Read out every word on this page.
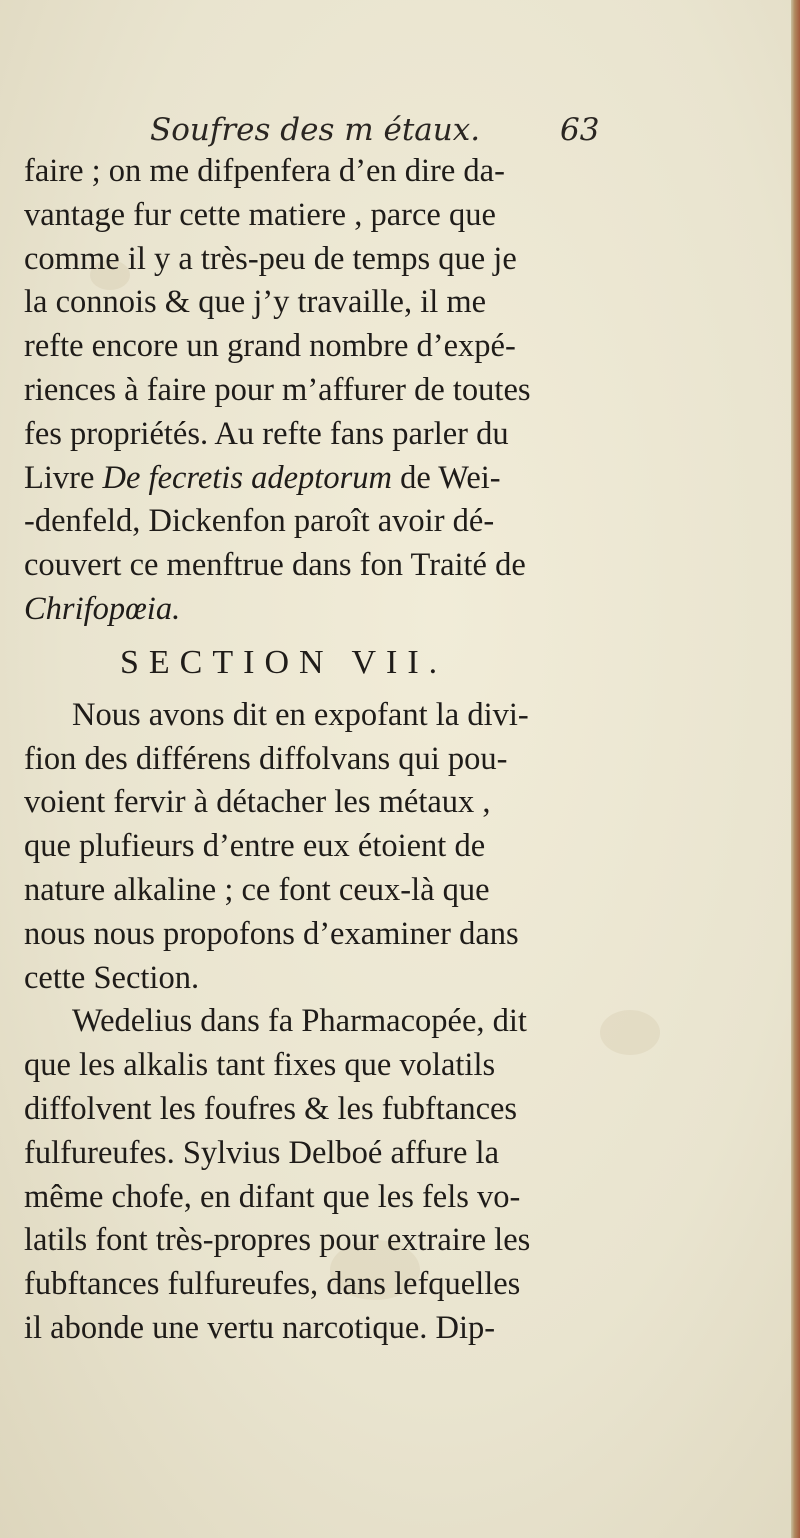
Soufres des m étaux.	63
faire ; on me difpenfera d’en dire da-
vantage fur cette matiere , parce que
comme il y a très-peu de temps que je
la connois & que j’y travaille, il me
refte encore un grand nombre d’expé-
riences à faire pour m’affurer de toutes
fes propriétés. Au refte fans parler du
Livre De fecretis adeptorum de Wei-
-denfeld, Dickenfon paroît avoir dé-
couvert ce menftrue dans fon Traité de
Chrifopœia.
SECTION VII.
Nous avons dit en expofant la divi-
fion des différens diffolvans qui pou-
voient fervir à détacher les métaux ,
que plufieurs d’entre eux étoient de
nature alkaline ; ce font ceux-là que
nous nous propofons d’examiner dans
cette Section.
Wedelius dans fa Pharmacopée, dit
que les alkalis tant fixes que volatils
diffolvent les foufres & les fubftances
fulfureufes. Sylvius Delboé affure la
même chofe, en difant que les fels vo-
latils font très-propres pour extraire les
fubftances fulfureufes, dans lefquelles
il abonde une vertu narcotique. Dip-
